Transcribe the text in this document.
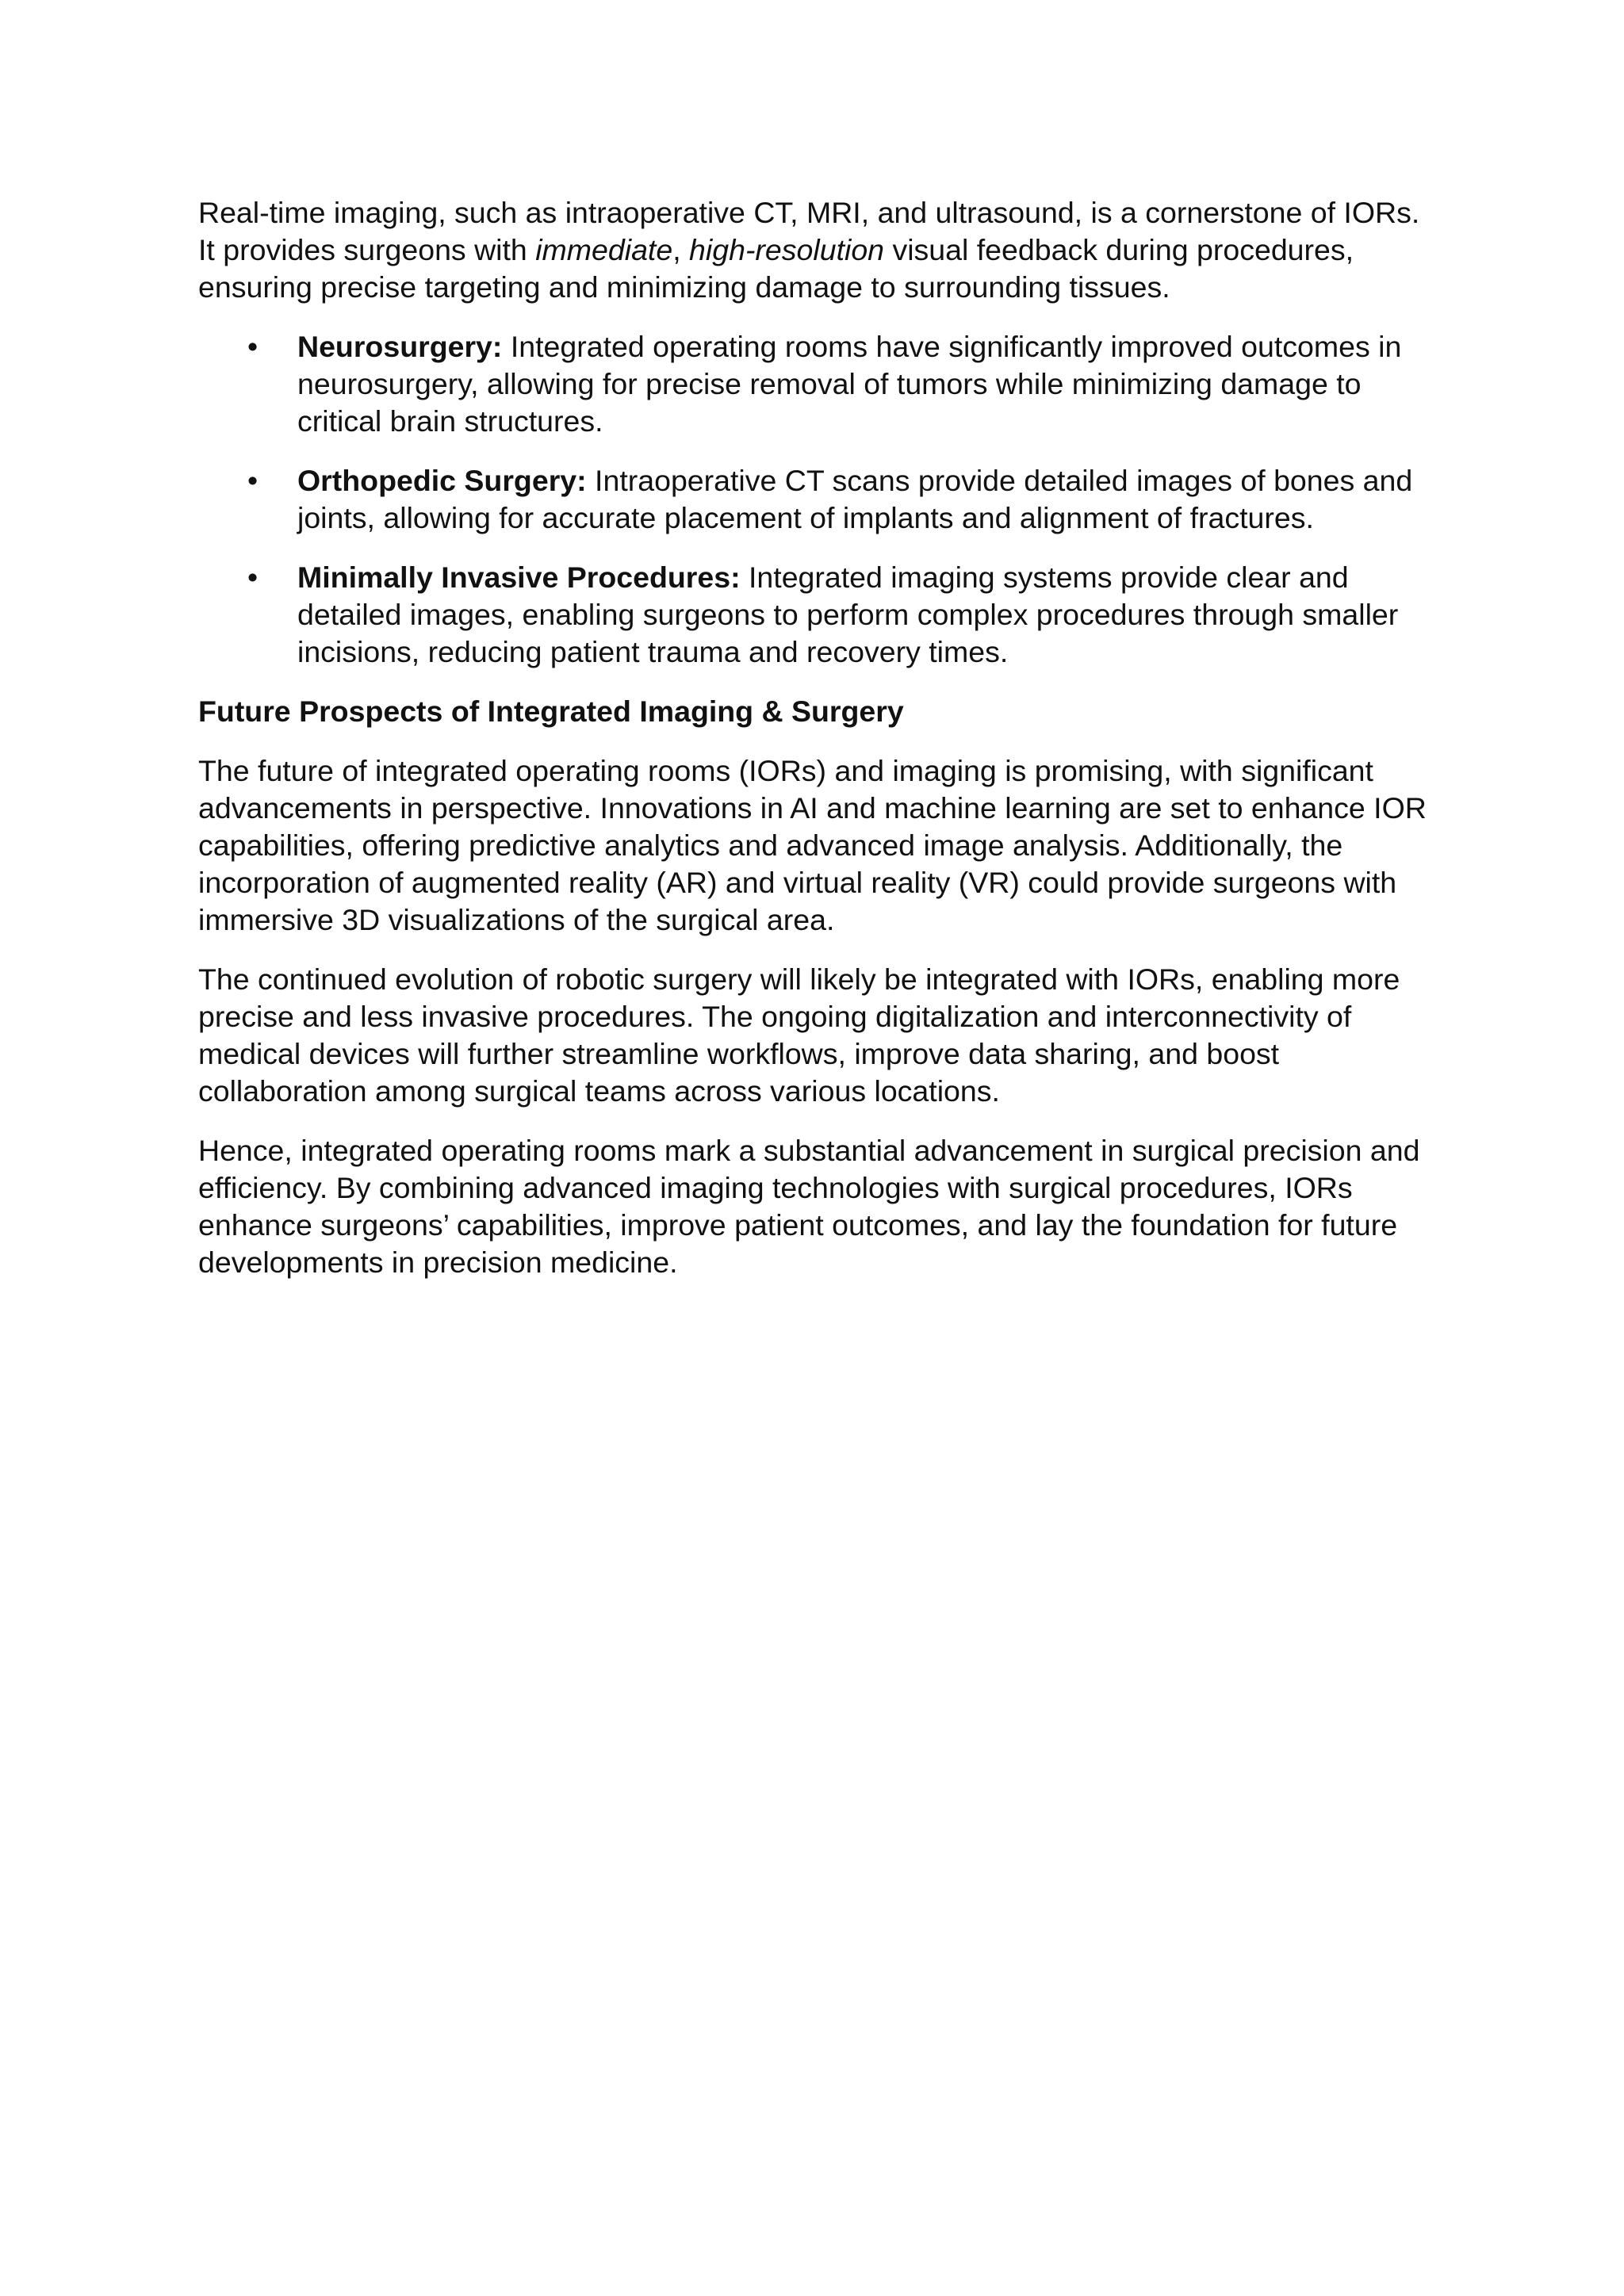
Real-time imaging, such as intraoperative CT, MRI, and ultrasound, is a cornerstone of IORs. It provides surgeons with immediate, high-resolution visual feedback during procedures, ensuring precise targeting and minimizing damage to surrounding tissues.

• Neurosurgery: Integrated operating rooms have significantly improved outcomes in neurosurgery, allowing for precise removal of tumors while minimizing damage to critical brain structures.
• Orthopedic Surgery: Intraoperative CT scans provide detailed images of bones and joints, allowing for accurate placement of implants and alignment of fractures.
• Minimally Invasive Procedures: Integrated imaging systems provide clear and detailed images, enabling surgeons to perform complex procedures through smaller incisions, reducing patient trauma and recovery times.
Future Prospects of Integrated Imaging & Surgery

The future of integrated operating rooms (IORs) and imaging is promising, with significant advancements in perspective. Innovations in AI and machine learning are set to enhance IOR capabilities, offering predictive analytics and advanced image analysis. Additionally, the incorporation of augmented reality (AR) and virtual reality (VR) could provide surgeons with immersive 3D visualizations of the surgical area.

The continued evolution of robotic surgery will likely be integrated with IORs, enabling more precise and less invasive procedures. The ongoing digitalization and interconnectivity of medical devices will further streamline workflows, improve data sharing, and boost collaboration among surgical teams across various locations.

Hence, integrated operating rooms mark a substantial advancement in surgical precision and efficiency. By combining advanced imaging technologies with surgical procedures, IORs enhance surgeons’ capabilities, improve patient outcomes, and lay the foundation for future developments in precision medicine.
